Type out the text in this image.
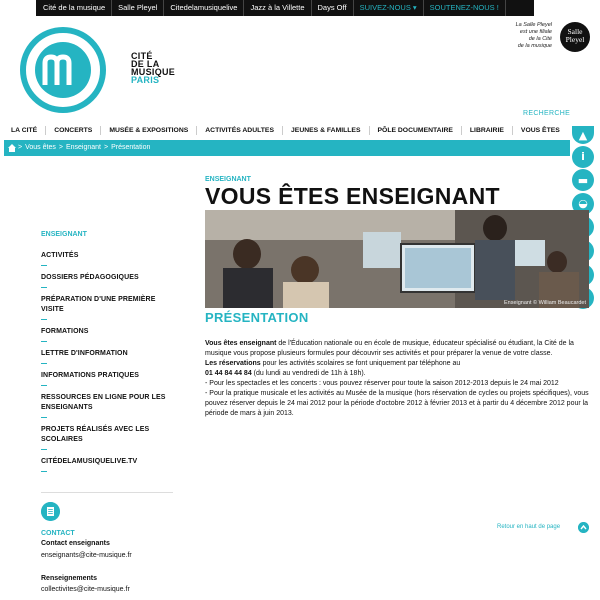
Cité de la musique	Salle Pleyel	Citedelamusiquelive	Jazz à la Villette	Days Off	SUIVEZ-NOUS ▾	SOUTENEZ-NOUS !
CITÉ
DE LA
MUSIQUE
PARIS
La Salle Pleyel
est une filiale
de la Cité
de la musique
Salle
Pleyel
RECHERCHE
LA CITÉ	CONCERTS	MUSÉE & EXPOSITIONS	ACTIVITÉS ADULTES	JEUNES & FAMILLES	PÔLE DOCUMENTAIRE	LIBRAIRIE	VOUS ÊTES
> Vous êtes > Enseignant > Présentation
▲
i
▬
◒
ENSEIGNANT
ACTIVITÉS
DOSSIERS PÉDAGOGIQUES
PRÉPARATION D'UNE PREMIÈRE VISITE
FORMATIONS
LETTRE D'INFORMATION
INFORMATIONS PRATIQUES
RESSOURCES EN LIGNE POUR LES ENSEIGNANTS
PROJETS RÉALISÉS AVEC LES SCOLAIRES
CITÉDELAMUSIQUELIVE.TV
CONTACT
Contact enseignants
enseignants@cite-musique.fr
Renseignements
collectivites@cite-musique.fr
ENSEIGNANT
VOUS ÊTES ENSEIGNANT
Enseignant © William Beaucardet
PRÉSENTATION

Vous êtes enseignant de l'Éducation nationale ou en école de musique, éducateur spécialisé ou étudiant, la Cité de la musique vous propose plusieurs formules pour découvrir ses activités et pour préparer la venue de votre classe.

Les réservations pour les activités scolaires se font uniquement par téléphone au

01 44 84 44 84 (du lundi au vendredi de 11h à 18h).

- Pour les spectacles et les concerts : vous pouvez réserver pour toute la saison 2012-2013 depuis le 24 mai 2012

- Pour la pratique musicale et les activités au Musée de la musique (hors réservation de cycles ou projets spécifiques), vous pouvez réserver depuis le 24 mai 2012 pour la période d'octobre 2012 à février 2013 et à partir du 4 décembre 2012 pour la période de mars à juin 2013.

Retour en haut de page
